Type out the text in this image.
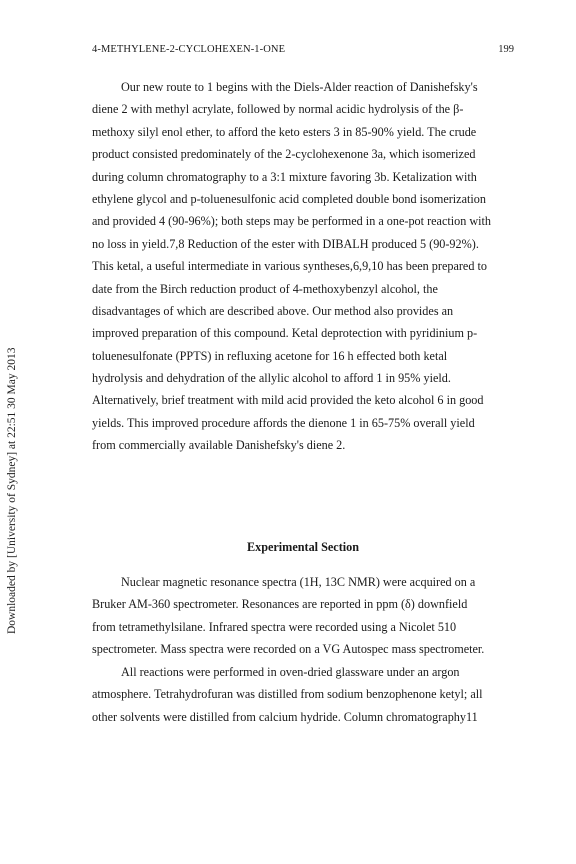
4-METHYLENE-2-CYCLOHEXEN-1-ONE	199
Downloaded by [University of Sydney] at 22:51 30 May 2013
Our new route to 1 begins with the Diels-Alder reaction of Danishefsky's
diene 2 with methyl acrylate, followed by normal acidic hydrolysis of the β-
methoxy silyl enol ether, to afford the keto esters 3 in 85-90% yield. The crude
product consisted predominately of the 2-cyclohexenone 3a, which isomerized
during column chromatography to a 3:1 mixture favoring 3b. Ketalization with
ethylene glycol and p-toluenesulfonic acid completed double bond isomerization
and provided 4 (90-96%); both steps may be performed in a one-pot reaction with
no loss in yield.7,8 Reduction of the ester with DIBALH produced 5 (90-92%).
This ketal, a useful intermediate in various syntheses,6,9,10 has been prepared to
date from the Birch reduction product of 4-methoxybenzyl alcohol, the
disadvantages of which are described above. Our method also provides an
improved preparation of this compound. Ketal deprotection with pyridinium p-
toluenesulfonate (PPTS) in refluxing acetone for 16 h effected both ketal
hydrolysis and dehydration of the allylic alcohol to afford 1 in 95% yield.
Alternatively, brief treatment with mild acid provided the keto alcohol 6 in good
yields. This improved procedure affords the dienone 1 in 65-75% overall yield
from commercially available Danishefsky's diene 2.
Experimental Section
Nuclear magnetic resonance spectra (1H, 13C NMR) were acquired on a
Bruker AM-360 spectrometer. Resonances are reported in ppm (δ) downfield
from tetramethylsilane. Infrared spectra were recorded using a Nicolet 510
spectrometer. Mass spectra were recorded on a VG Autospec mass spectrometer.
All reactions were performed in oven-dried glassware under an argon
atmosphere. Tetrahydrofuran was distilled from sodium benzophenone ketyl; all
other solvents were distilled from calcium hydride. Column chromatography11
